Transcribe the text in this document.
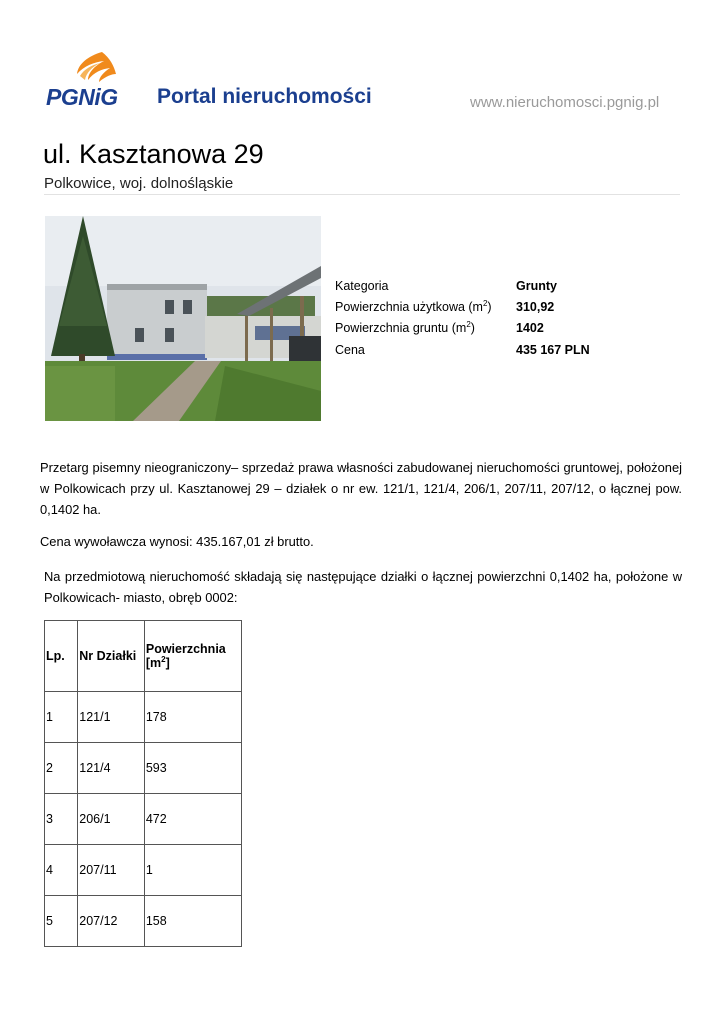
PGNiG Portal nieruchomości	www.nieruchomosci.pgnig.pl
ul. Kasztanowa 29
Polkowice, woj. dolnośląskie
Kategoria	Grunty
Powierzchnia użytkowa $(m^2)$ 310,92
Powierzchnia gruntu $(m^2)$	1402
Cena	435 167 PLN
Przetarg pisemny nieograniczony– sprzedaż prawa własności zabudowanej nieruchomości gruntowej, położonej w Polkowicach przy ul. Kasztanowej 29 – działek o nr ew. 121/1, 121/4, 206/1, 207/11, 207/12, o łącznej pow. 0,1402 ha.
Cena wywoławcza wynosi: 435.167,01 zł brutto.
Na przedmiotową nieruchomość składają się następujące działki o łącznej powierzchni 0,1402 ha, położone w Polkowicach- miasto, obręb 0002:
Lp.	Nr Działki	Powierzchnia
$[m^2]$
1	121/1	178
2	121/4	593
3	206/1	472
4	207/11	1
5	207/12	158
